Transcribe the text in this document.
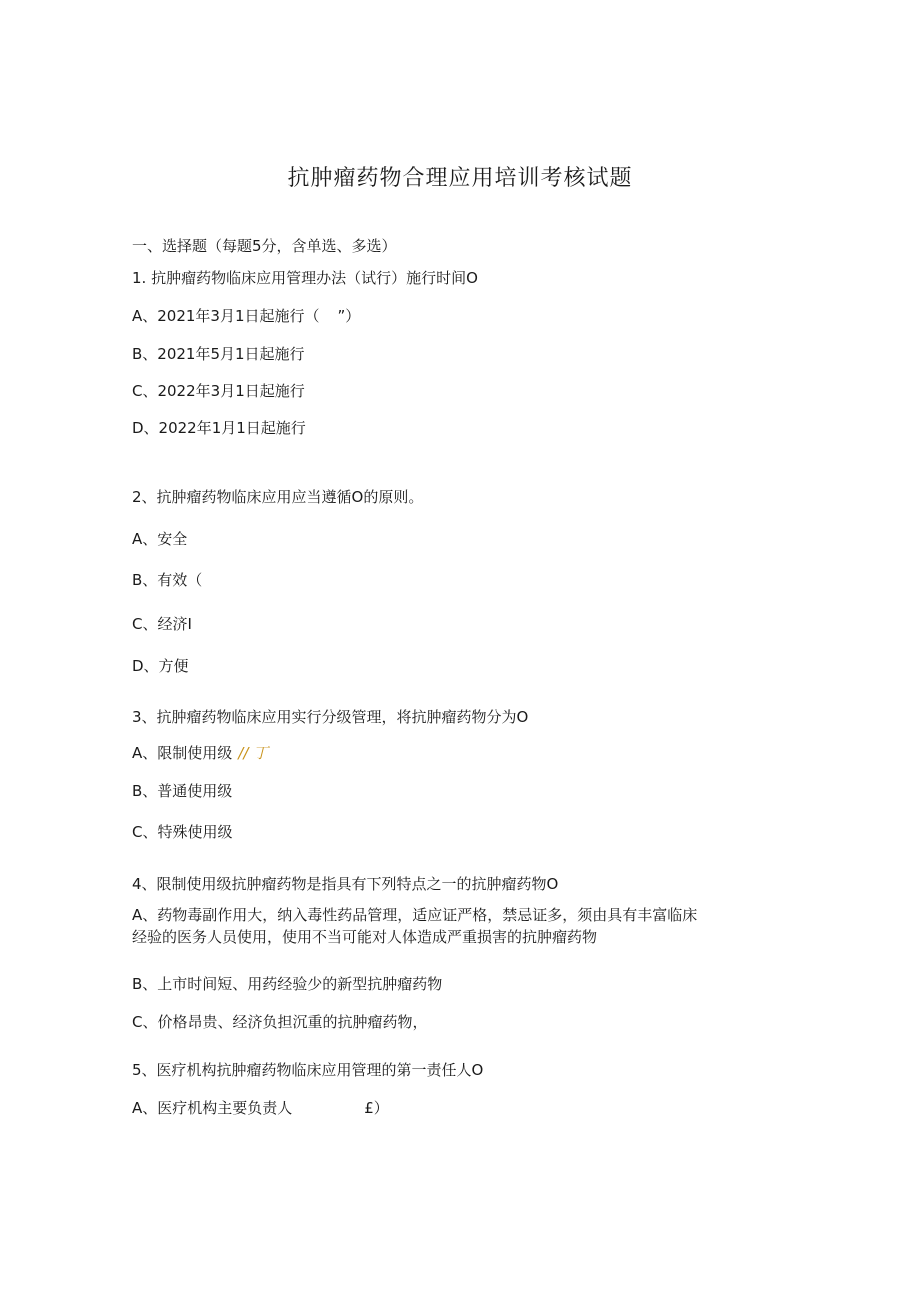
抗肿瘤药物合理应用培训考核试题
一、选择题（每题5分，含单选、多选）
1. 抗肿瘤药物临床应用管理办法（试行）施行时间O
A、2021年3月1日起施行（ ”）
B、2021年5月1日起施行
C、2022年3月1日起施行
D、2022年1月1日起施行
2、抗肿瘤药物临床应用应当遵循O的原则。
A、安全
B、有效（
C、经济I
D、方便
3、抗肿瘤药物临床应用实行分级管理，将抗肿瘤药物分为O
A、限制使用级 // 丁
B、普通使用级
C、特殊使用级
4、限制使用级抗肿瘤药物是指具有下列特点之一的抗肿瘤药物O
A、药物毒副作用大，纳入毒性药品管理，适应证严格，禁忌证多，须由具有丰富临床
经验的医务人员使用，使用不当可能对人体造成严重损害的抗肿瘤药物
B、上市时间短、用药经验少的新型抗肿瘤药物
C、价格昂贵、经济负担沉重的抗肿瘤药物，
5、医疗机构抗肿瘤药物临床应用管理的第一责任人O
A、医疗机构主要负责人	£）
